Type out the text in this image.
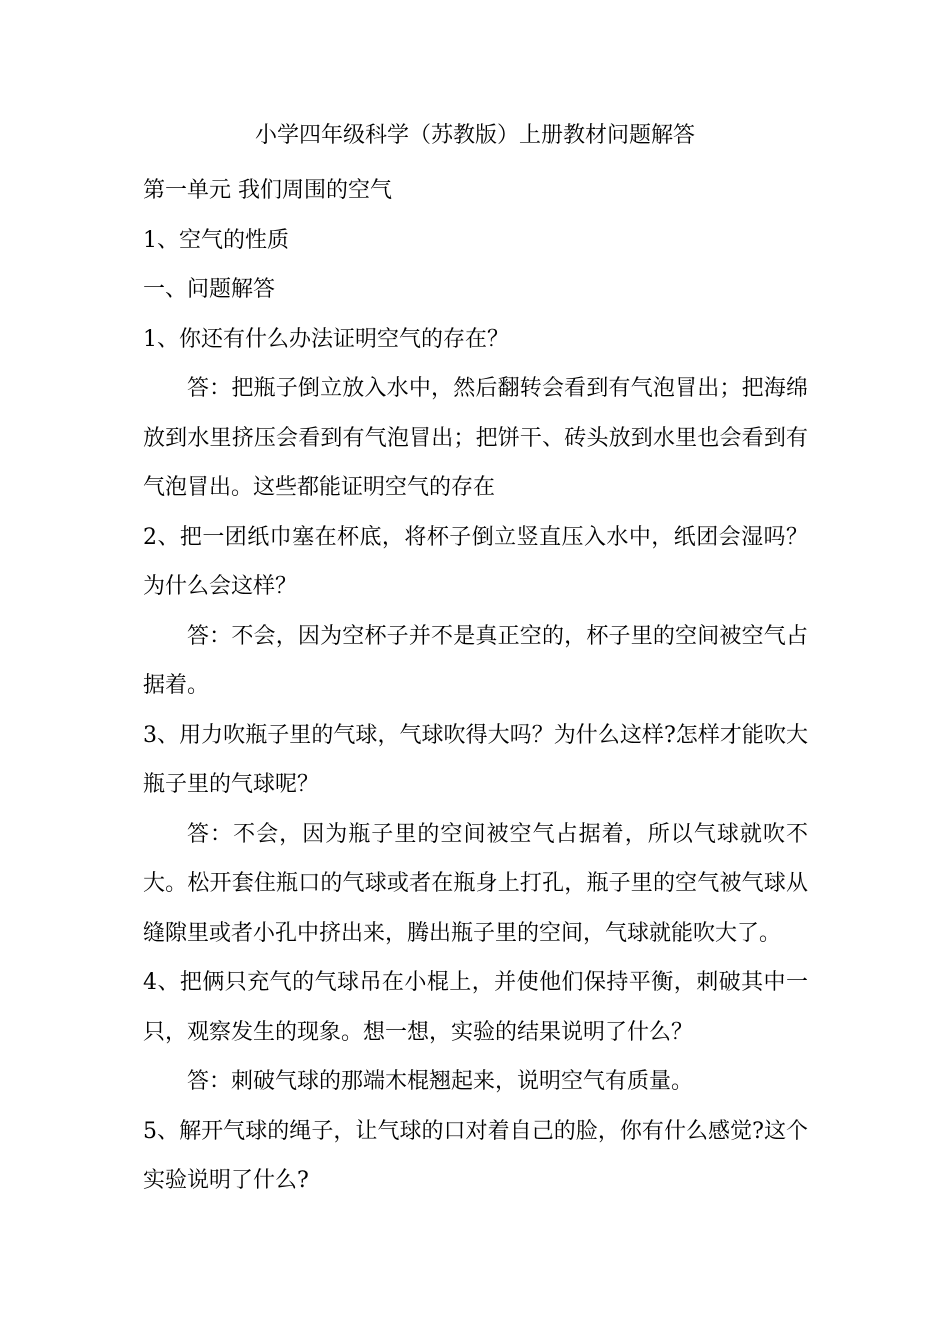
小学四年级科学（苏教版）上册教材问题解答

第一单元 我们周围的空气

1、空气的性质

一、问题解答

1、你还有什么办法证明空气的存在？

答：把瓶子倒立放入水中，然后翻转会看到有气泡冒出；把海绵放到水里挤压会看到有气泡冒出；把饼干、砖头放到水里也会看到有气泡冒出。这些都能证明空气的存在

2、把一团纸巾塞在杯底，将杯子倒立竖直压入水中，纸团会湿吗？为什么会这样？

答：不会，因为空杯子并不是真正空的，杯子里的空间被空气占据着。

3、用力吹瓶子里的气球，气球吹得大吗？为什么这样?怎样才能吹大瓶子里的气球呢？

答：不会，因为瓶子里的空间被空气占据着，所以气球就吹不大。松开套住瓶口的气球或者在瓶身上打孔，瓶子里的空气被气球从缝隙里或者小孔中挤出来，腾出瓶子里的空间，气球就能吹大了。

4、把俩只充气的气球吊在小棍上，并使他们保持平衡，刺破其中一只，观察发生的现象。想一想，实验的结果说明了什么？

答：刺破气球的那端木棍翘起来，说明空气有质量。

5、解开气球的绳子，让气球的口对着自己的脸，你有什么感觉?这个实验说明了什么?
